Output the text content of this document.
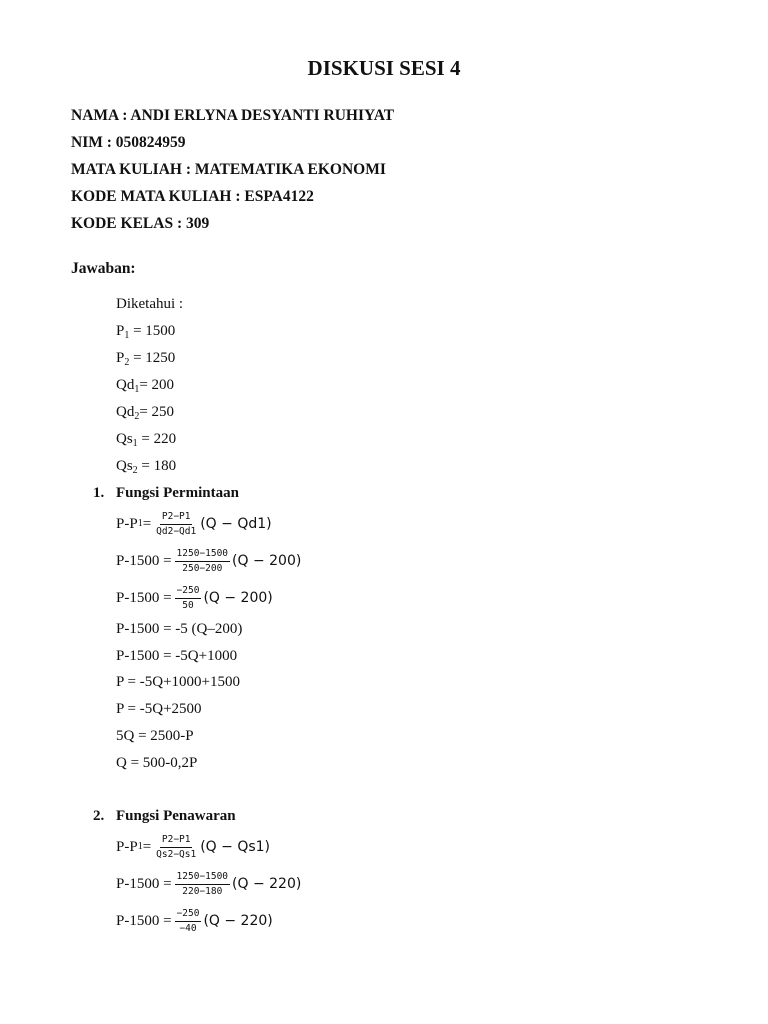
DISKUSI SESI 4
NAMA : ANDI ERLYNA DESYANTI RUHIYAT
NIM : 050824959
MATA KULIAH : MATEMATIKA EKONOMI
KODE MATA KULIAH : ESPA4122
KODE KELAS : 309
Jawaban:
Diketahui :
$P_1 = 1500$
$P_2 = 1250$
$Qd_1= 200$
$Qd_2= 250$
$Qs_1 = 220$
$Qs_2 = 180$
1. Fungsi Permintaan
P-P $1 = \frac{P2-P1}{Qd2-Qd1} (Q - Qd1)$
$P-1500 = \frac{1250-1500}{250-200} (Q - 200)$
$P-1500 = \frac{-250}{50} (Q - 200)$
P-1500 = -5 (Q–200)
P-1500 = -5Q+1000
P = -5Q+1000+1500
P = -5Q+2500
5Q = 2500-P
Q = 500-0,2P
2. Fungsi Penawaran
P-P $1 = \frac{P2-P1}{Qs2-Qs1} (Q - Qs1)$
$P-1500 = \frac{1250-1500}{220-180} (Q - 220)$
$P-1500 = \frac{-250}{-40} (Q - 220)$
